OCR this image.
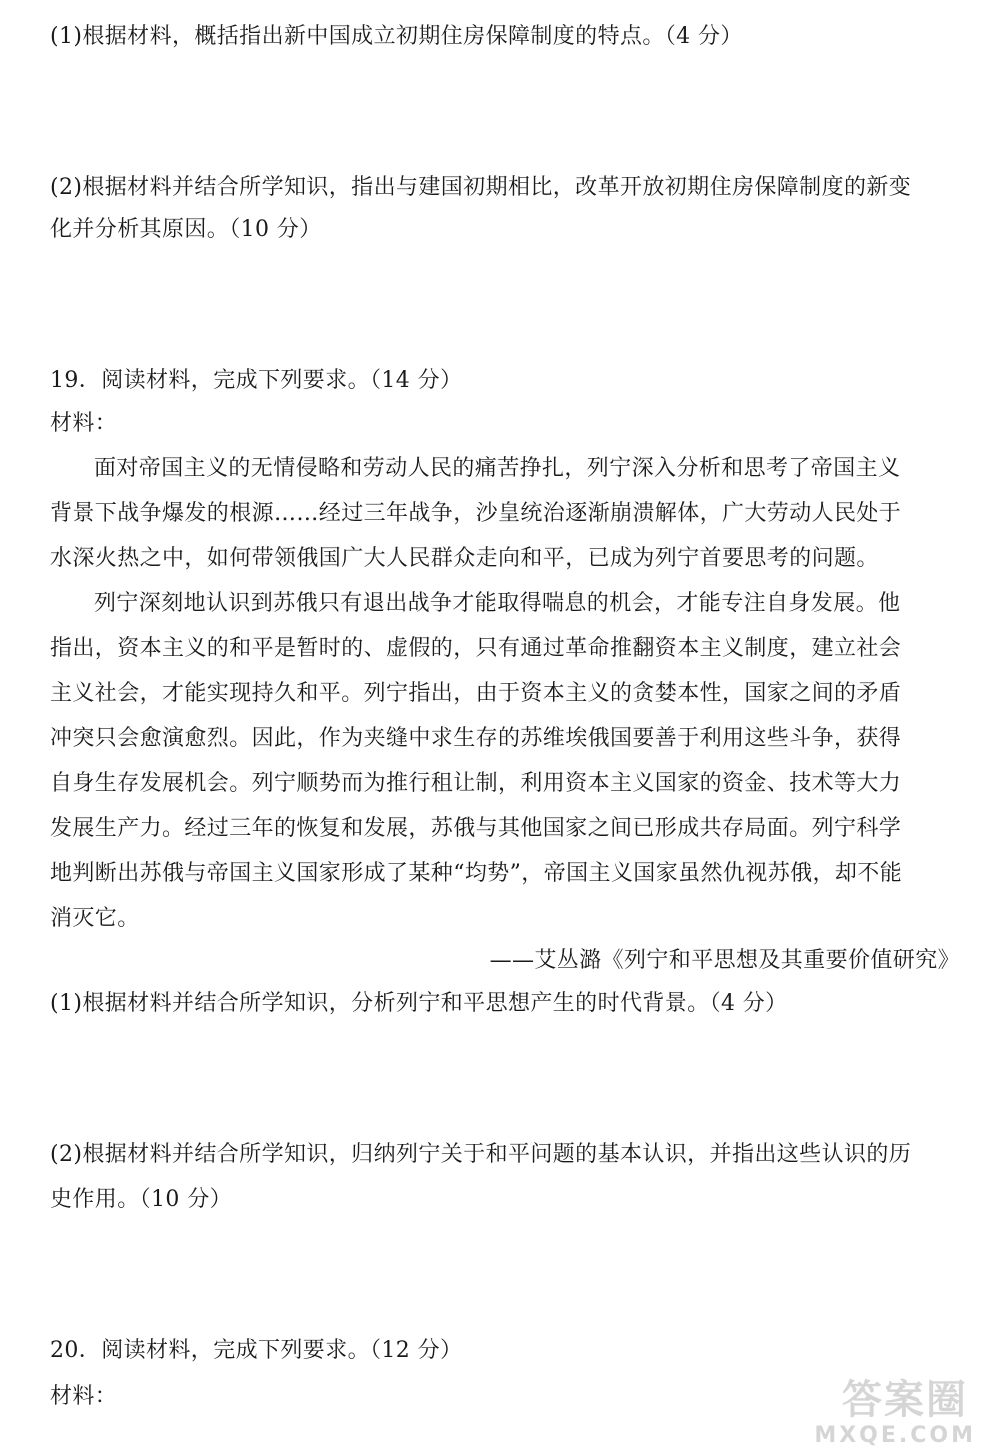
(1)根据材料，概括指出新中国成立初期住房保障制度的特点。（4 分）
(2)根据材料并结合所学知识，指出与建国初期相比，改革开放初期住房保障制度的新变
化并分析其原因。（10 分）
19．阅读材料，完成下列要求。（14 分）
材料：
面对帝国主义的无情侵略和劳动人民的痛苦挣扎，列宁深入分析和思考了帝国主义
背景下战争爆发的根源……经过三年战争，沙皇统治逐渐崩溃解体，广大劳动人民处于
水深火热之中，如何带领俄国广大人民群众走向和平，已成为列宁首要思考的问题。
列宁深刻地认识到苏俄只有退出战争才能取得喘息的机会，才能专注自身发展。他
指出，资本主义的和平是暂时的、虚假的，只有通过革命推翻资本主义制度，建立社会
主义社会，才能实现持久和平。列宁指出，由于资本主义的贪婪本性，国家之间的矛盾
冲突只会愈演愈烈。因此，作为夹缝中求生存的苏维埃俄国要善于利用这些斗争，获得
自身生存发展机会。列宁顺势而为推行租让制，利用资本主义国家的资金、技术等大力
发展生产力。经过三年的恢复和发展，苏俄与其他国家之间已形成共存局面。列宁科学
地判断出苏俄与帝国主义国家形成了某种“均势”，帝国主义国家虽然仇视苏俄，却不能
消灭它。
——艾丛潞《列宁和平思想及其重要价值研究》
(1)根据材料并结合所学知识，分析列宁和平思想产生的时代背景。（4 分）
(2)根据材料并结合所学知识，归纳列宁关于和平问题的基本认识，并指出这些认识的历
史作用。（10 分）
20．阅读材料，完成下列要求。（12 分）
材料：	答案圈
MXQE.COM
